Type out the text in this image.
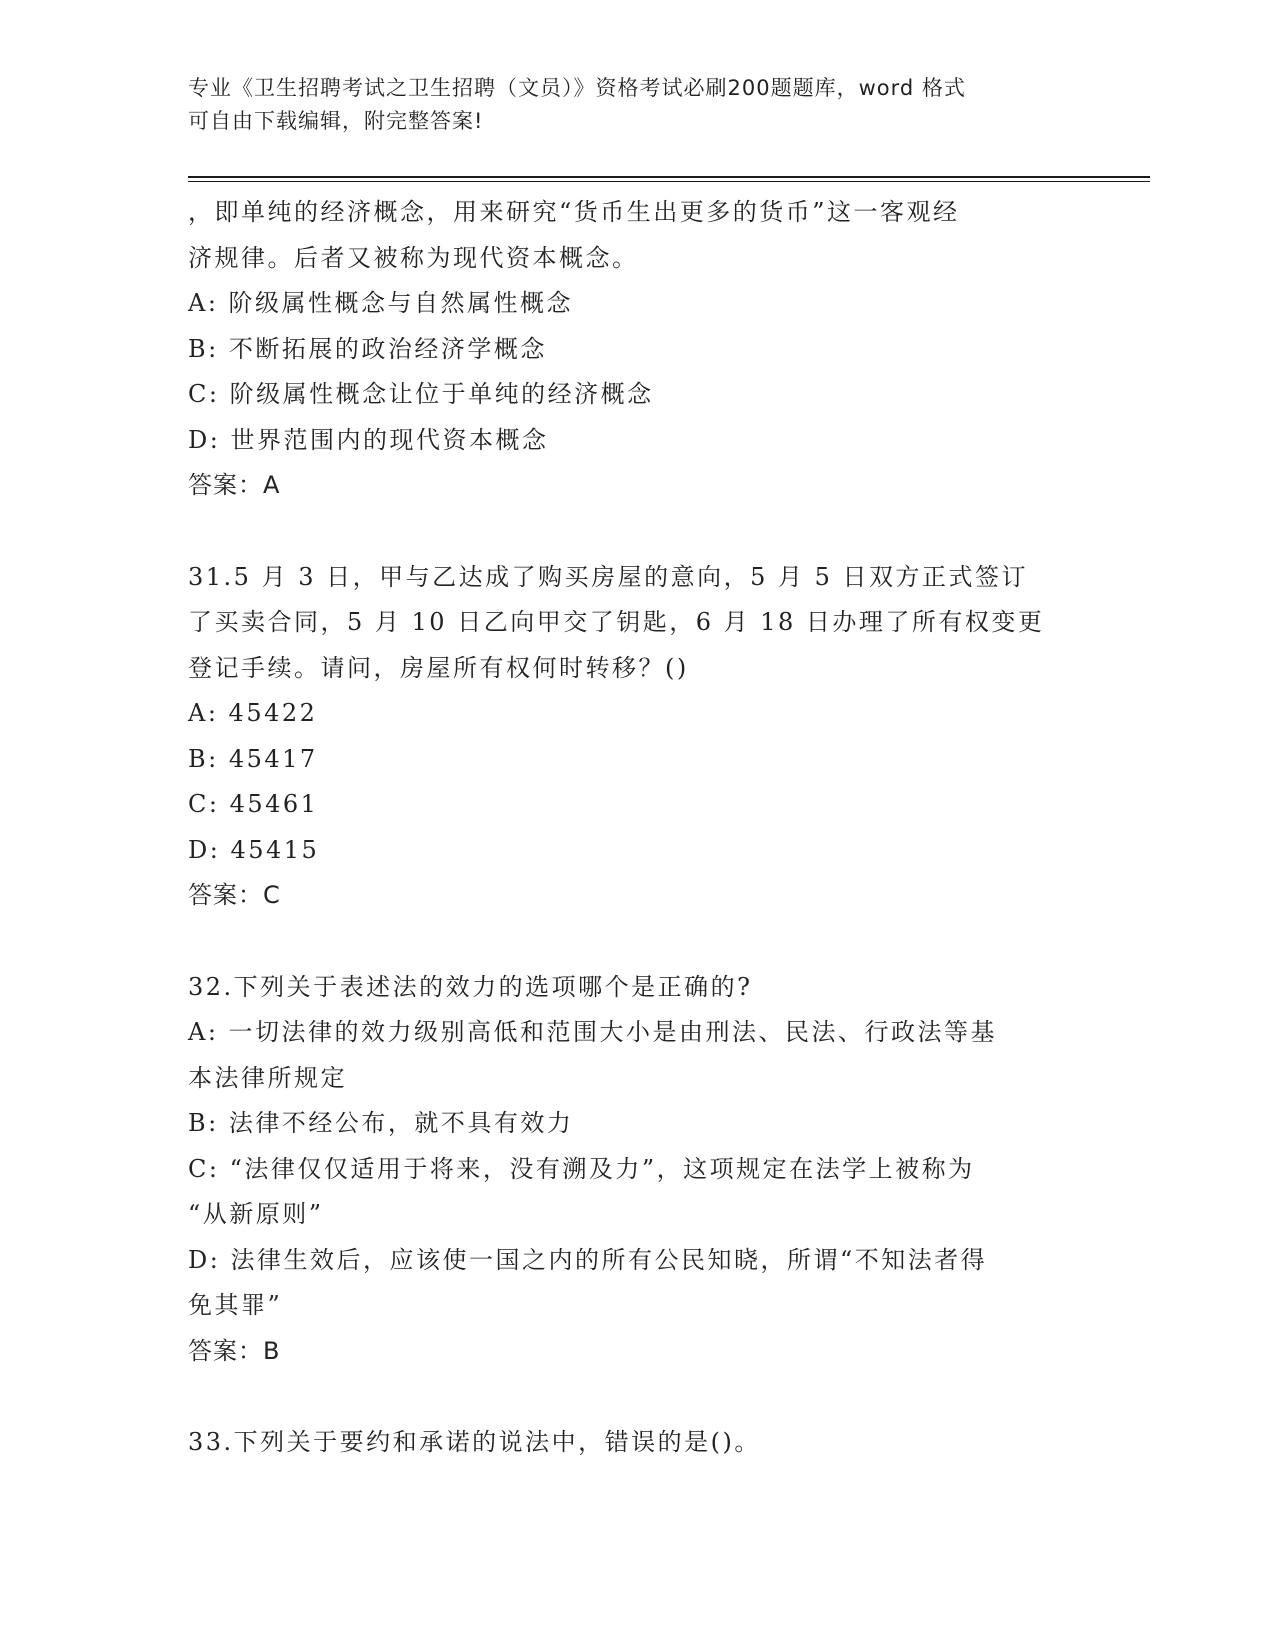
专业《卫生招聘考试之卫生招聘（文员）》资格考试必刷200题题库，word 格式

可自由下载编辑，附完整答案!

，即单纯的经济概念，用来研究“货币生出更多的货币”这一客观经

济规律。后者又被称为现代资本概念。

A: 阶级属性概念与自然属性概念

B: 不断拓展的政治经济学概念

C: 阶级属性概念让位于单纯的经济概念

D: 世界范围内的现代资本概念

答案：A

31.5 月 3 日，甲与乙达成了购买房屋的意向，5 月 5 日双方正式签订

了买卖合同，5 月 10 日乙向甲交了钥匙，6 月 18 日办理了所有权变更

登记手续。请问，房屋所有权何时转移？()

A: 45422

B: 45417

C: 45461

D: 45415

答案：C

32.下列关于表述法的效力的选项哪个是正确的?

A: 一切法律的效力级别高低和范围大小是由刑法、民法、行政法等基

本法律所规定

B: 法律不经公布，就不具有效力

C: “法律仅仅适用于将来，没有溯及力”，这项规定在法学上被称为

“从新原则”

D: 法律生效后，应该使一国之内的所有公民知晓，所谓“不知法者得

免其罪”

答案：B

33.下列关于要约和承诺的说法中，错误的是()。
